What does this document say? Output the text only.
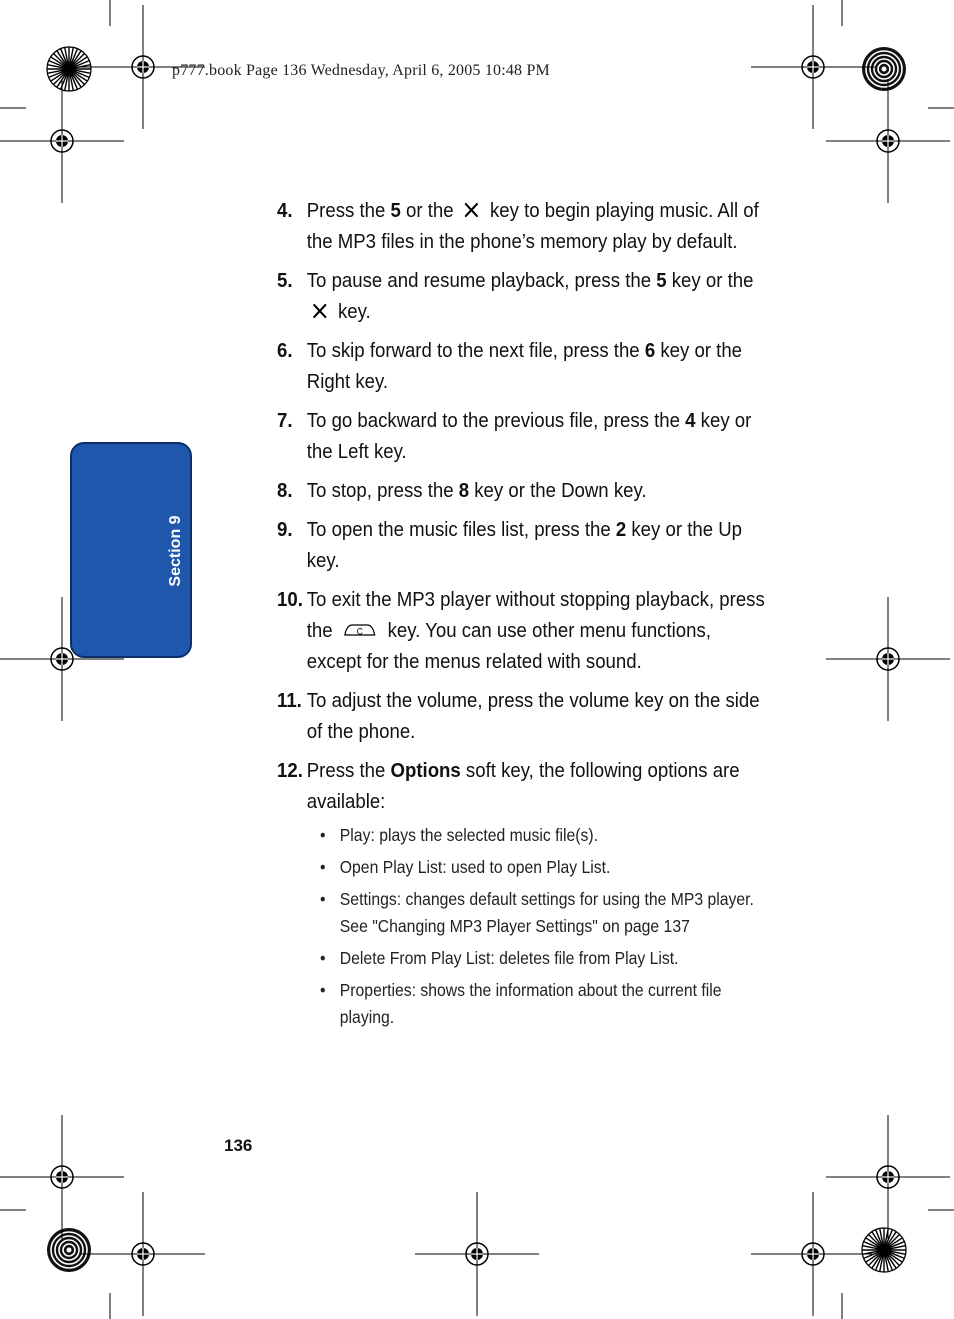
p777.book Page 136 Wednesday, April 6, 2005 10:48 PM
Section 9
4. Press the 5 or the key to begin playing music. All of the MP3 files in the phone’s memory play by default.
5. To pause and resume playback, press the 5 key or the  key.
6. To skip forward to the next file, press the 6 key or the Right key.
7. To go backward to the previous file, press the 4 key or the Left key.
8. To stop, press the 8 key or the Down key.
9. To open the music files list, press the 2 key or the Up key.
10. To exit the MP3 player without stopping playback, press the	C key. You can use other menu functions, except for the menus related with sound.
11. To adjust the volume, press the volume key on the side of the phone.
12. Press the Options soft key, the following options are available:
• Play: plays the selected music file(s).
• Open Play List: used to open Play List.
• Settings: changes default settings for using the MP3 player. See "Changing MP3 Player Settings" on page 137
• Delete From Play List: deletes file from Play List.
• Properties: shows the information about the current file playing.
136
